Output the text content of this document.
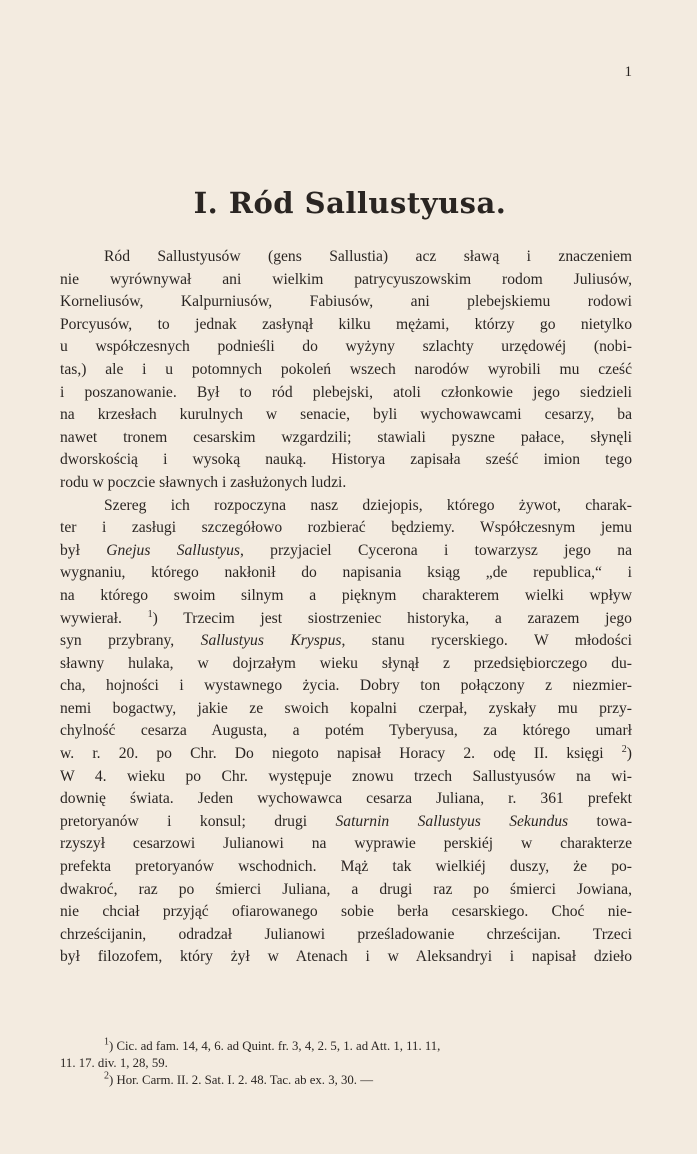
1
I. Ród Sallustyusa.
Ród Sallustyusów (gens Sallustia) acz sławą i znaczeniem
nie wyrównywał ani wielkim patrycyuszowskim rodom Juliusów,
Korneliusów, Kalpurniusów, Fabiusów, ani plebejskiemu rodowi
Porcyusów, to jednak zasłynął kilku mężami, którzy go nietylko
u współczesnych podnieśli do wyżyny szlachty urzędowéj (nobi-
tas,) ale i u potomnych pokoleń wszech narodów wyrobili mu cześć
i poszanowanie. Był to ród plebejski, atoli członkowie jego siedzieli
na krzesłach kurulnych w senacie, byli wychowawcami cesarzy, ba
nawet tronem cesarskim wzgardzili; stawiali pyszne pałace, słynęli
dworskością i wysoką nauką. Historya zapisała sześć imion tego
rodu w poczcie sławnych i zasłużonych ludzi.
Szereg ich rozpoczyna nasz dziejopis, którego żywot, charak-
ter i zasługi szczegółowo rozbierać będziemy. Współczesnym jemu
był Gnejus Sallustyus, przyjaciel Cycerona i towarzysz jego na
wygnaniu, którego nakłonił do napisania ksiąg „de republica,“ i
na którego swoim silnym a pięknym charakterem wielki wpływ
wywierał. $^1$) Trzecim jest siostrzeniec historyka, a zarazem jego
syn przybrany, Sallustyus Kryspus, stanu rycerskiego. W młodości
sławny hulaka, w dojrzałym wieku słynął z przedsiębiorczego du-
cha, hojności i wystawnego życia. Dobry ton połączony z niezmier-
nemi bogactwy, jakie ze swoich kopalni czerpał, zyskały mu przy-
chylność cesarza Augusta, a potém Tyberyusa, za którego umarł
w. r. 20. po Chr. Do niegoto napisał Horacy 2. odę II. księgi $^2$)
W 4. wieku po Chr. występuje znowu trzech Sallustyusów na wi-
downię świata. Jeden wychowawca cesarza Juliana, r. 361 prefekt
pretoryanów i konsul; drugi Saturnin Sallustyus Sekundus towa-
rzyszył cesarzowi Julianowi na wyprawie perskiéj w charakterze
prefekta pretoryanów wschodnich. Mąż tak wielkiéj duszy, że po-
dwakroć, raz po śmierci Juliana, a drugi raz po śmierci Jowiana,
nie chciał przyjąć ofiarowanego sobie berła cesarskiego. Choć nie-
chrześcijanin, odradzał Julianowi prześladowanie chrześcijan. Trzeci
był filozofem, który żył w Atenach i w Aleksandryi i napisał dzieło
$^1$) Cic. ad fam. 14, 4, 6. ad Quint. fr. 3, 4, 2. 5, 1. ad Att. 1, 11. 11,
11. 17. div. 1, 28, 59.
$^2$) Hor. Carm. II. 2. Sat. I. 2. 48. Tac. ab ex. 3, 30. —
